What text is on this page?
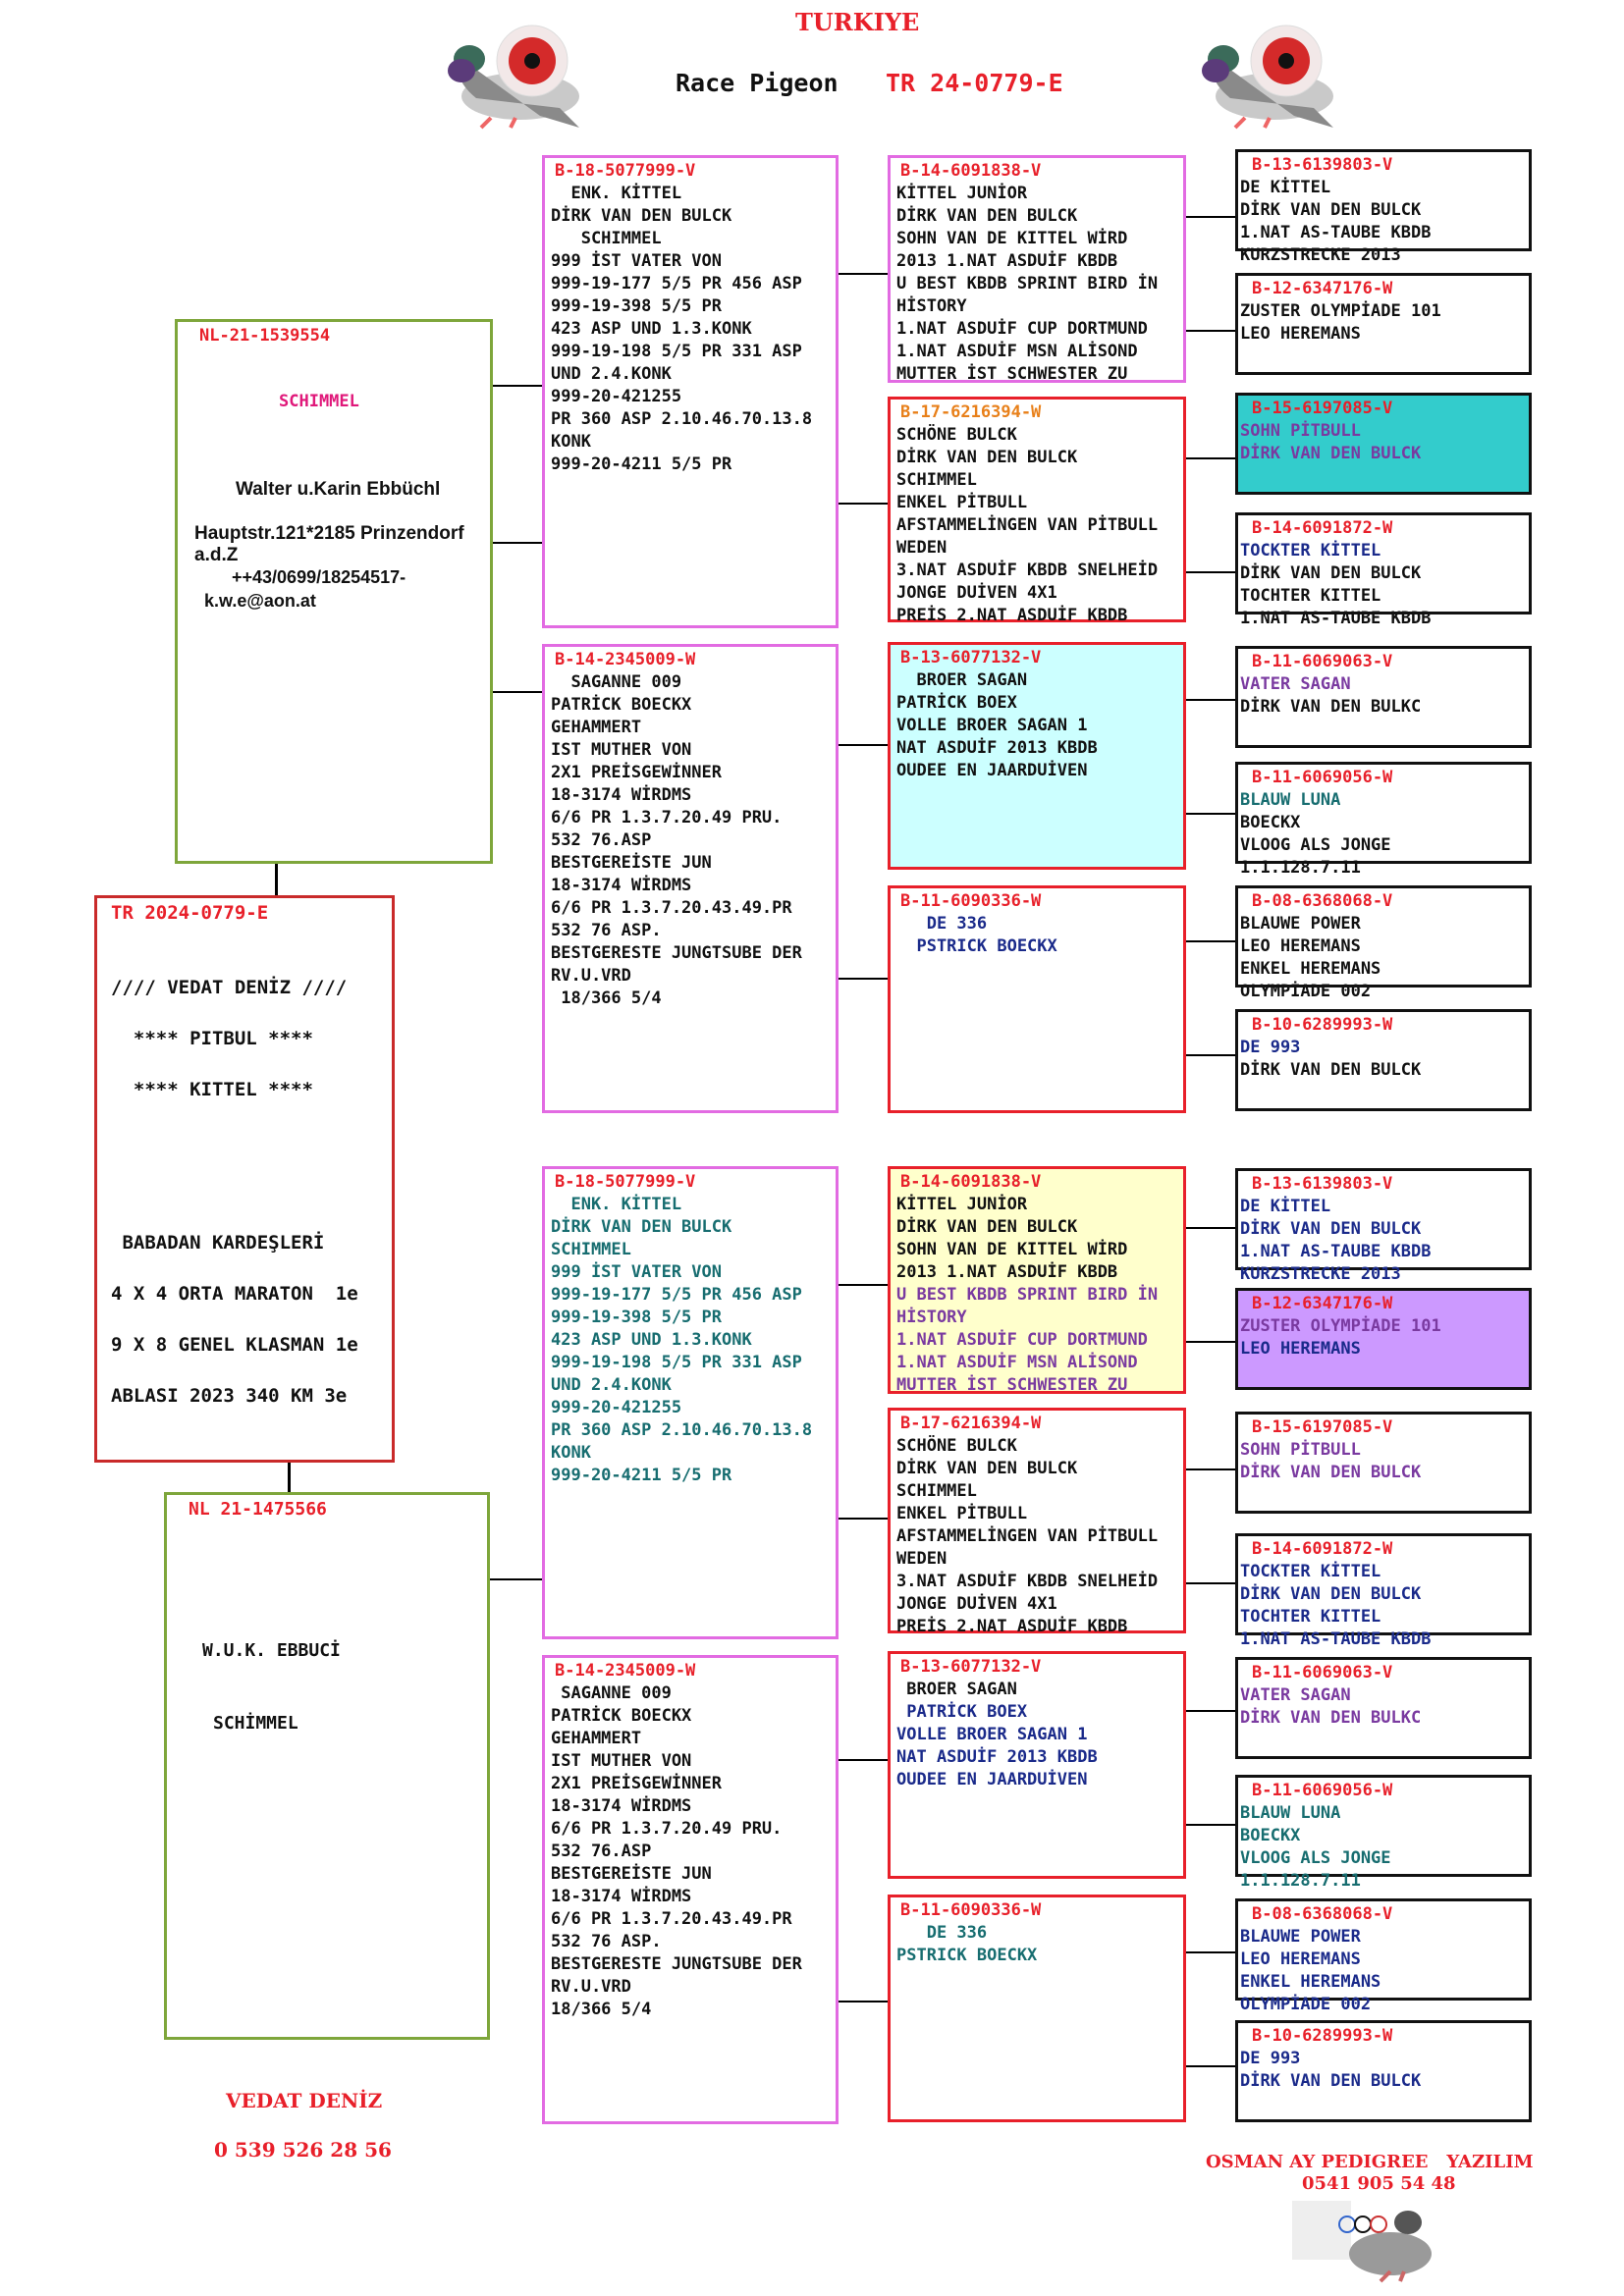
TURKIYE
Race Pigeon TR 24-0779-E
NL-21-1539554
SCHIMMEL
Walter u.Karin Ebbüchl
Hauptstr.121*2185 Prinzendorf a.d.Z
++43/0699/18254517-
k.w.e@aon.at
TR 2024-0779-E
//// VEDAT DENİZ ////
**** PITBUL ****
**** KITTEL ****
BABADAN KARDEŞLERİ
4 X 4 ORTA MARATON  1e
9 X 8 GENEL KLASMAN 1e
ABLASI 2023 340 KM 3e
NL 21-1475566
W.U.K. EBBUCİ
SCHİMMEL
VEDAT DENİZ
0 539 526 28 56
OSMAN AY PEDIGREE   YAZILIM
0541 905 54 48
B-18-5077999-V
ENK. KİTTEL
DİRK VAN DEN BULCK
SCHIMMEL
999 İST VATER VON
999-19-177 5/5 PR 456 ASP
999-19-398 5/5 PR
423 ASP UND 1.3.KONK
999-19-198 5/5 PR 331 ASP
UND 2.4.KONK
999-20-421255
PR 360 ASP 2.10.46.70.13.8
KONK
999-20-4211 5/5 PR
B-14-2345009-W
SAGANNE 009
PATRİCK BOECKX
GEHAMMERT
IST MUTHER VON
2X1 PREİSGEWİNNER
18-3174 WİRDMS
6/6 PR 1.3.7.20.49 PRU.
532 76.ASP
BESTGEREİSTE JUN
18-3174 WİRDMS
6/6 PR 1.3.7.20.43.49.PR
532 76 ASP.
BESTGERESTE JUNGTSUBE DER
RV.U.VRD
18/366 5/4
B-18-5077999-V
ENK. KİTTEL
DİRK VAN DEN BULCK
SCHIMMEL
999 İST VATER VON
999-19-177 5/5 PR 456 ASP
999-19-398 5/5 PR
423 ASP UND 1.3.KONK
999-19-198 5/5 PR 331 ASP
UND 2.4.KONK
999-20-421255
PR 360 ASP 2.10.46.70.13.8
KONK
999-20-4211 5/5 PR
B-14-2345009-W
SAGANNE 009
PATRİCK BOECKX
GEHAMMERT
IST MUTHER VON
2X1 PREİSGEWİNNER
18-3174 WİRDMS
6/6 PR 1.3.7.20.49 PRU.
532 76.ASP
BESTGEREİSTE JUN
18-3174 WİRDMS
6/6 PR 1.3.7.20.43.49.PR
532 76 ASP.
BESTGERESTE JUNGTSUBE DER
RV.U.VRD
18/366 5/4
B-14-6091838-V
KİTTEL JUNİOR
DİRK VAN DEN BULCK
SOHN VAN DE KITTEL WİRD
2013 1.NAT ASDUİF KBDB
U BEST KBDB SPRINT BIRD İN
HİSTORY
1.NAT ASDUİF CUP DORTMUND
1.NAT ASDUİF MSN ALİSOND
MUTTER İST SCHWESTER ZU
B-17-6216394-W
SCHÖNE BULCK
DİRK VAN DEN BULCK
SCHIMMEL
ENKEL PİTBULL
AFSTAMMELİNGEN VAN PİTBULL
WEDEN
3.NAT ASDUİF KBDB SNELHEİD
JONGE DUİVEN 4X1
PREİS 2.NAT ASDUİF KBDB
B-13-6077132-V
BROER SAGAN
PATRİCK BOEX
VOLLE BROER SAGAN 1
NAT ASDUİF 2013 KBDB
OUDEE EN JAARDUİVEN
B-11-6090336-W
DE 336
PSTRICK BOECKX
B-14-6091838-V
KİTTEL JUNİOR
DİRK VAN DEN BULCK
SOHN VAN DE KITTEL WİRD
2013 1.NAT ASDUİF KBDB
U BEST KBDB SPRINT BIRD İN
HİSTORY
1.NAT ASDUİF CUP DORTMUND
1.NAT ASDUİF MSN ALİSOND
MUTTER İST SCHWESTER ZU
B-17-6216394-W
SCHÖNE BULCK
DİRK VAN DEN BULCK
SCHIMMEL
ENKEL PİTBULL
AFSTAMMELİNGEN VAN PİTBULL
WEDEN
3.NAT ASDUİF KBDB SNELHEİD
JONGE DUİVEN 4X1
PREİS 2.NAT ASDUİF KBDB
B-13-6077132-V
BROER SAGAN
PATRİCK BOEX
VOLLE BROER SAGAN 1
NAT ASDUİF 2013 KBDB
OUDEE EN JAARDUİVEN
B-11-6090336-W
DE 336
PSTRICK BOECKX
B-13-6139803-V
DE KİTTEL
DİRK VAN DEN BULCK
1.NAT AS-TAUBE KBDB
KURZSTRECKE 2013
B-12-6347176-W
ZUSTER OLYMPİADE 101
LEO HEREMANS
B-15-6197085-V
SOHN PİTBULL
DİRK VAN DEN BULCK
B-14-6091872-W
TOCKTER KİTTEL
DİRK VAN DEN BULCK
TOCHTER KITTEL
1.NAT AS-TAUBE KBDB
B-11-6069063-V
VATER SAGAN
DİRK VAN DEN BULKC
B-11-6069056-W
BLAUW LUNA
BOECKX
VLOOG ALS JONGE
1.1.128.7.11
B-08-6368068-V
BLAUWE POWER
LEO HEREMANS
ENKEL HEREMANS
OLYMPİADE 002
B-10-6289993-W
DE 993
DİRK VAN DEN BULCK
B-13-6139803-V
DE KİTTEL
DİRK VAN DEN BULCK
1.NAT AS-TAUBE KBDB
KURZSTRECKE 2013
B-12-6347176-W
ZUSTER OLYMPİADE 101
LEO HEREMANS
B-15-6197085-V
SOHN PİTBULL
DİRK VAN DEN BULCK
B-14-6091872-W
TOCKTER KİTTEL
DİRK VAN DEN BULCK
TOCHTER KITTEL
1.NAT AS-TAUBE KBDB
B-11-6069063-V
VATER SAGAN
DİRK VAN DEN BULKC
B-11-6069056-W
BLAUW LUNA
BOECKX
VLOOG ALS JONGE
1.1.128.7.11
B-08-6368068-V
BLAUWE POWER
LEO HEREMANS
ENKEL HEREMANS
OLYMPİADE 002
B-10-6289993-W
DE 993
DİRK VAN DEN BULCK
